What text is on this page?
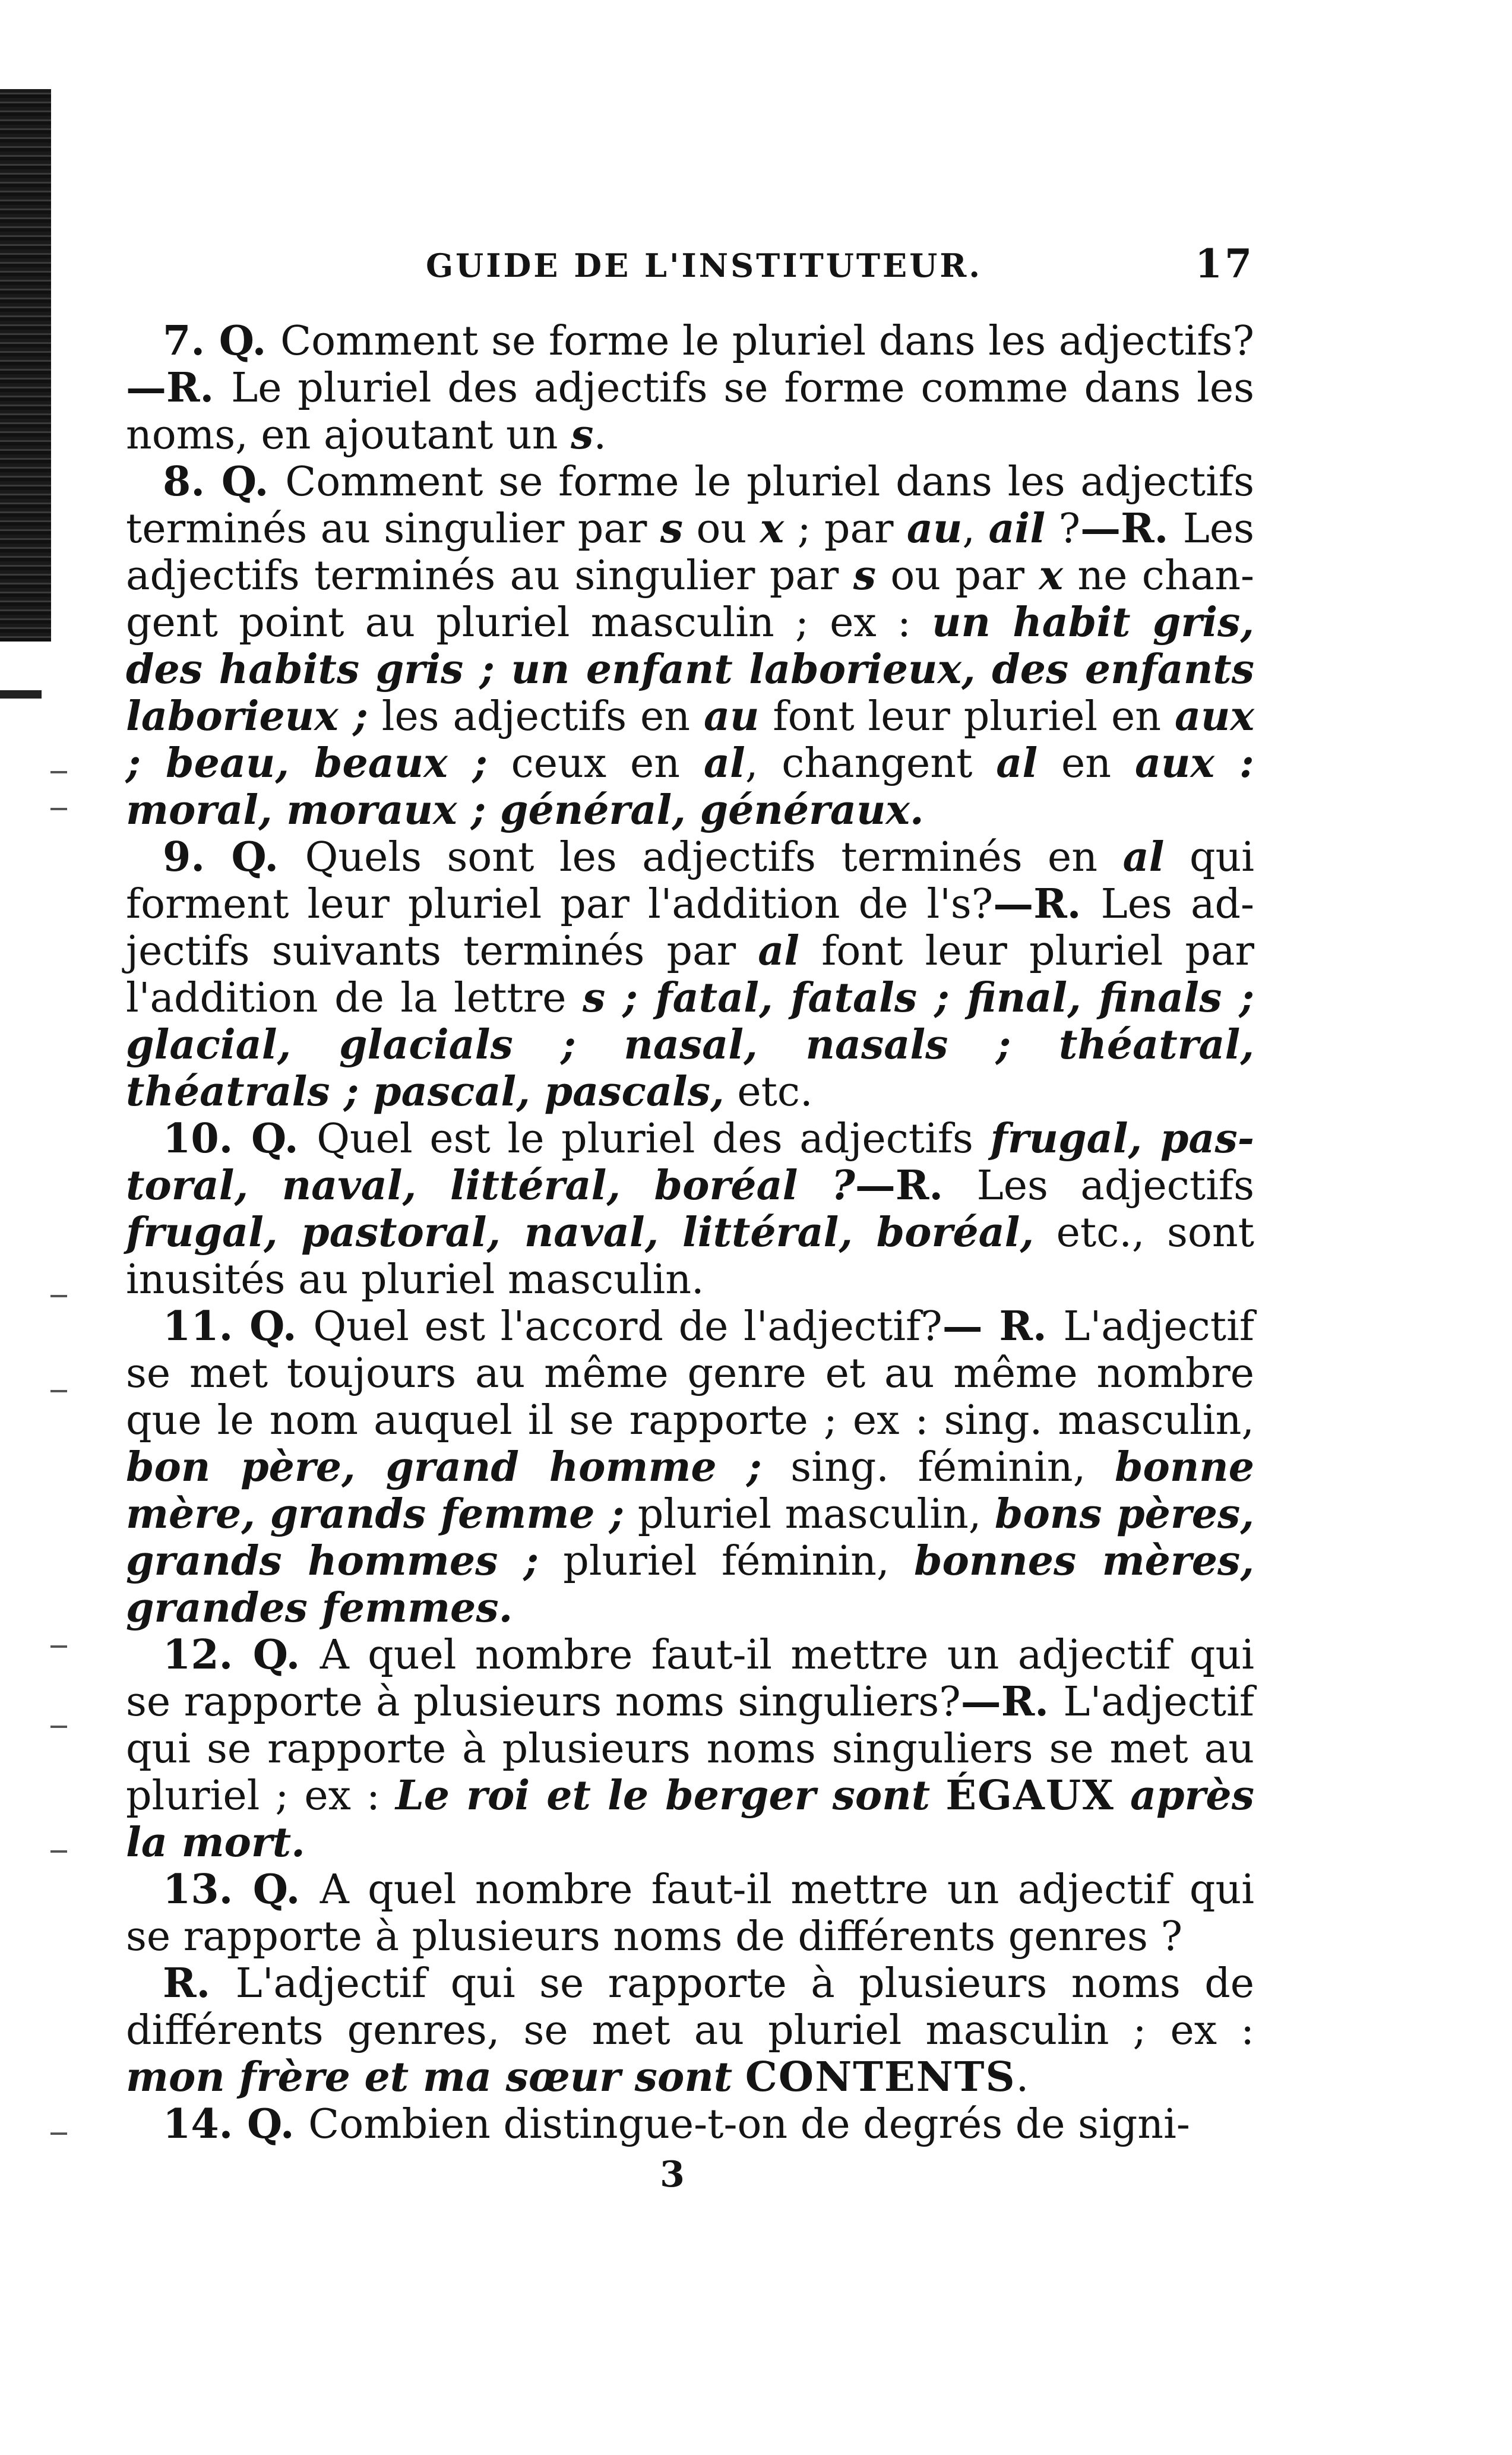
GUIDE DE L'INSTITUTEUR.	17

7. Q. Comment se forme le pluriel dans les adjectifs?—R. Le pluriel des adjectifs se forme comme dans les noms, en ajoutant un s.

8. Q. Comment se forme le pluriel dans les adjectifs terminés au singulier par s ou x ; par au, ail ?—R. Les adjectifs terminés au singulier par s ou par x ne changent point au pluriel masculin ; ex : un habit gris, des habits gris ; un enfant laborieux, des enfants laborieux ; les adjectifs en au font leur pluriel en aux ; beau, beaux ; ceux en al, changent al en aux : moral, moraux ; général, généraux.

9. Q. Quels sont les adjectifs terminés en al qui forment leur pluriel par l'addition de l's?—R. Les adjectifs suivants terminés par al font leur pluriel par l'addition de la lettre s ; fatal, fatals ; final, finals ; glacial, glacials ; nasal, nasals ; théatral, théatrals ; pascal, pascals, etc.

10. Q. Quel est le pluriel des adjectifs frugal, pastoral, naval, littéral, boréal ?—R. Les adjectifs frugal, pastoral, naval, littéral, boréal, etc., sont inusités au pluriel masculin.

11. Q. Quel est l'accord de l'adjectif?— R. L'adjectif se met toujours au même genre et au même nombre que le nom auquel il se rapporte ; ex : sing. masculin, bon père, grand homme ; sing. féminin, bonne mère, grands femme ; pluriel masculin, bons pères, grands hommes ; pluriel féminin, bonnes mères, grandes femmes.

12. Q. A quel nombre faut-il mettre un adjectif qui se rapporte à plusieurs noms singuliers?—R. L'adjectif qui se rapporte à plusieurs noms singuliers se met au pluriel ; ex : Le roi et le berger sont ÉGAUX après la mort.

13. Q. A quel nombre faut-il mettre un adjectif qui se rapporte à plusieurs noms de différents genres ?

R. L'adjectif qui se rapporte à plusieurs noms de différents genres, se met au pluriel masculin ; ex : mon frère et ma sœur sont CONTENTS.

14. Q. Combien distingue-t-on de degrés de signi-

3
